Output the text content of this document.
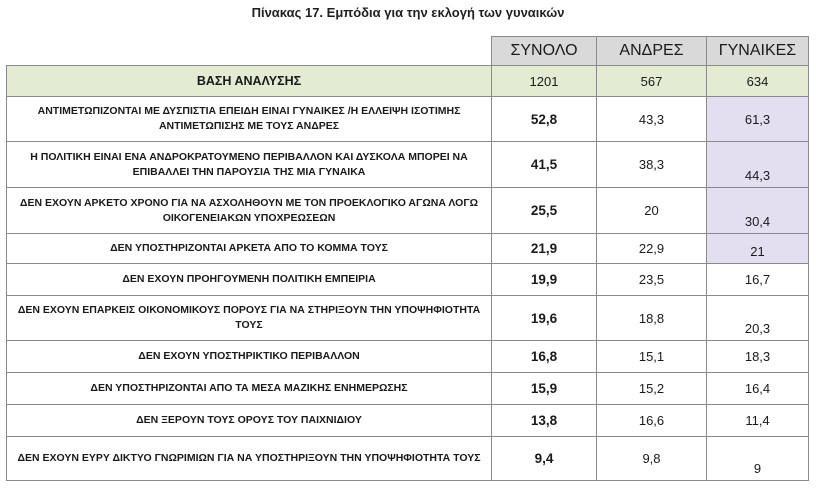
Πίνακας 17. Εμπόδια για την εκλογή των γυναικών
	ΣΥΝΟΛΟ	ΑΝΔΡΕΣ	ΓΥΝΑΙΚΕΣ
ΒΑΣΗ ΑΝΑΛΥΣΗΣ	1201	567	634
ΑΝΤΙΜΕΤΩΠΙΖΟΝΤΑΙ ΜΕ ΔΥΣΠΙΣΤΙΑ ΕΠΕΙΔΗ ΕΙΝΑΙ ΓΥΝΑΙΚΕΣ /Η ΕΛΛΕΙΨΗ ΙΣΟΤΙΜΗΣ ΑΝΤΙΜΕΤΩΠΙΣΗΣ ΜΕ ΤΟΥΣ ΑΝΔΡΕΣ	52,8	43,3	61,3
Η ΠΟΛΙΤΙΚΗ ΕΙΝΑΙ ΕΝΑ ΑΝΔΡΟΚΡΑΤΟΥΜΕΝΟ ΠΕΡΙΒΑΛΛΟΝ ΚΑΙ ΔΥΣΚΟΛΑ ΜΠΟΡΕΙ ΝΑ ΕΠΙΒΑΛΛΕΙ ΤΗΝ ΠΑΡΟΥΣΙΑ ΤΗΣ ΜΙΑ ΓΥΝΑΙΚΑ	41,5	38,3	44,3
ΔΕΝ ΕΧΟΥΝ ΑΡΚΕΤΟ ΧΡΟΝΟ ΓΙΑ ΝΑ ΑΣΧΟΛΗΘΟΥΝ ΜΕ ΤΟΝ ΠΡΟΕΚΛΟΓΙΚΟ ΑΓΩΝΑ ΛΟΓΩ ΟΙΚΟΓΕΝΕΙΑΚΩΝ ΥΠΟΧΡΕΩΣΕΩΝ	25,5	20	30,4
ΔΕΝ ΥΠΟΣΤΗΡΙΖΟΝΤΑΙ ΑΡΚΕΤΑ ΑΠΟ ΤΟ ΚΟΜΜΑ ΤΟΥΣ	21,9	22,9	21
ΔΕΝ ΕΧΟΥΝ ΠΡΟΗΓΟΥΜΕΝΗ ΠΟΛΙΤΙΚΗ ΕΜΠΕΙΡΙΑ	19,9	23,5	16,7
ΔΕΝ ΕΧΟΥΝ ΕΠΑΡΚΕΙΣ ΟΙΚΟΝΟΜΙΚΟΥΣ ΠΟΡΟΥΣ ΓΙΑ ΝΑ ΣΤΗΡΙΞΟΥΝ ΤΗΝ ΥΠΟΨΗΦΙΟΤΗΤΑ ΤΟΥΣ	19,6	18,8	20,3
ΔΕΝ ΕΧΟΥΝ ΥΠΟΣΤΗΡΙΚΤΙΚΟ ΠΕΡΙΒΑΛΛΟΝ	16,8	15,1	18,3
ΔΕΝ ΥΠΟΣΤΗΡΙΖΟΝΤΑΙ ΑΠΟ ΤΑ ΜΕΣΑ ΜΑΖΙΚΗΣ ΕΝΗΜΕΡΩΣΗΣ	15,9	15,2	16,4
ΔΕΝ ΞΕΡΟΥΝ ΤΟΥΣ ΟΡΟΥΣ ΤΟΥ ΠΑΙΧΝΙΔΙΟΥ	13,8	16,6	11,4
ΔΕΝ ΕΧΟΥΝ ΕΥΡΥ ΔΙΚΤΥΟ ΓΝΩΡΙΜΙΩΝ ΓΙΑ ΝΑ ΥΠΟΣΤΗΡΙΞΟΥΝ ΤΗΝ ΥΠΟΨΗΦΙΟΤΗΤΑ ΤΟΥΣ	9,4	9,8	9
